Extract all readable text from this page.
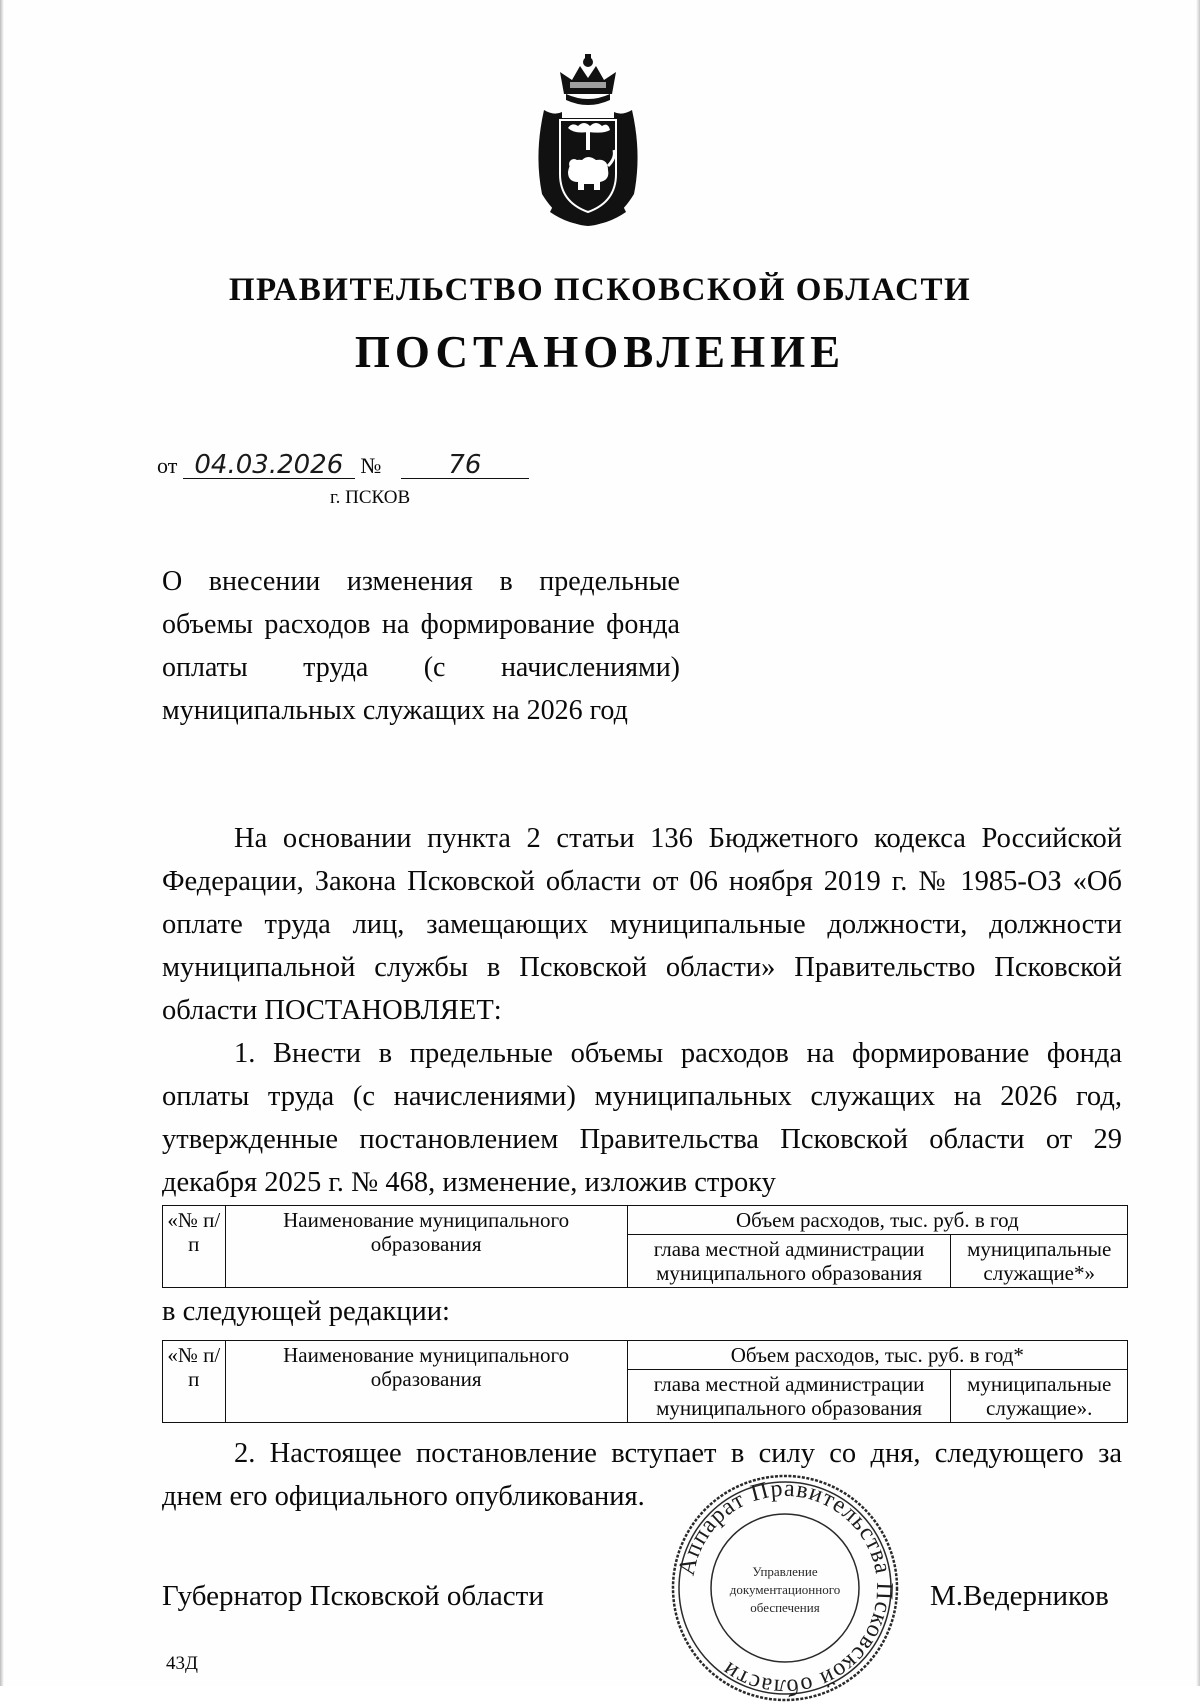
ПРАВИТЕЛЬСТВО ПСКОВСКОЙ ОБЛАСТИ
ПОСТАНОВЛЕНИЕ
от 04.03.2026 №	76
г. ПСКОВ
О внесении изменения в предельные объемы расходов на формирование фонда оплаты труда (с начислениями) муниципальных служащих на 2026 год

На основании пункта 2 статьи 136 Бюджетного кодекса Российской Федерации, Закона Псковской области от 06 ноября 2019 г. № 1985-ОЗ «Об оплате труда лиц, замещающих муниципальные должности, должности муниципальной службы в Псковской области» Правительство Псковской области ПОСТАНОВЛЯЕТ:

1. Внести в предельные объемы расходов на формирование фонда оплаты труда (с начислениями) муниципальных служащих на 2026 год, утвержденные постановлением Правительства Псковской области от 29 декабря 2025 г. № 468, изменение, изложив строку

«№ п/п	Наименование муниципального образования	Объем расходов, тыс. руб. в год	
		глава местной администрации муниципального образования	муниципальные служащие*»
в следующей редакции:
«№ п/п	Наименование муниципального образования	Объем расходов, тыс. руб. в год*	
		глава местной администрации муниципального образования	муниципальные служащие».

2. Настоящее постановление вступает в силу со дня, следующего за днем его официального опубликования.

Аппарат Правительства Псковской области
Управление
документационного
обеспечения
Губернатор Псковской области	М.Ведерников
43Д
